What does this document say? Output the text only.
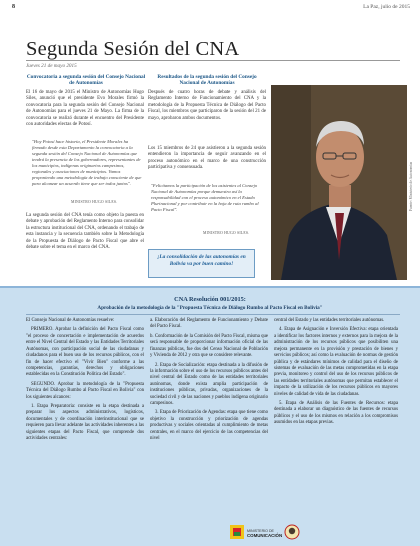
8	La Paz, julio de 2015
Segunda Sesión del CNA
Jueves 21 de mayo 2015
Convocatoria a segunda sesión del Consejo Nacional de Autonomías
El 16 de mayo de 2015 el Ministro de Autonomías Hugo Siles, anunció que el presidente Evo Morales firmó la convocatoria para la segunda sesión del Consejo Nacional de Autonomías para el jueves 21 de Mayo. La firma de la convocatoria se realizó durante el encuentro del Presidente con autoridades electas de Potosí.
"Hoy Potosí hace historia, el Presidente Morales ha firmado desde esta Departamento la convocatoria a la segunda sesión del Consejo Nacional de Autonomías que tendrá la presencia de los gobernadores, representantes de los municipios, indígenas originarios campesinos, regionales y asociaciones de municipios. Vamos proponiendo una metodología de trabajo consciente de que para alcanzar un acuerdo tiene que ser todos juntos".
MINISTRO HUGO SILES.
La segunda sesión del CNA tenía como objeto la puesta en debate y aprobación del Reglamento Interno para consolidar la estructura institucional del CNA, ordenando el trabajo de esta instancia y la secuencia también sobre la Metodología de la Propuesta de Diálogo de Pacto Fiscal que abre el debate sobre el tema en el marco del CNA.
Resultados de la segunda sesión del Consejo Nacional de Autonomías
Después de cuatro horas de debate y análisis del Reglamento Interno de Funcionamiento del CNA y la metodología de la Propuesta Técnica de Diálogo del Pacto Fiscal, los miembros que participaron de la sesión del 21 de mayo, aprobaron ambos documentos.
Los 15 miembros de 24 que asistieron a la segunda sesión entendieron la importancia de seguir avanzando en el proceso autonómico en el marco de una construcción participativa y consensuada.
"Felicitamos la participación de los asistentes al Consejo Nacional de Autonomías porque demuestra así la responsabilidad con el proceso autonómico en el Estado Plurinacional y por contribuir en la hoja de ruta rumbo al Pacto Fiscal".
MINISTRO HUGO SILES.
¡La consolidación de las autonomías en Bolivia va por buen camino!
Fuente: Ministerio de Autonomías
CNA Resolución 001/2015:
Aprobación de la metodología de la "Propuesta Técnica de Diálogo Rumbo al Pacto Fiscal en Bolivia"

El Consejo Nacional de Autonomías resuelve:

PRIMERO. Aprobar la definición del Pacto Fiscal como "el proceso de concertación e implementación de acuerdos entre el Nivel Central del Estado y las Entidades Territoriales Autónomas, con participación social de las ciudadanas y ciudadanos para el buen uso de los recursos públicos, con el fin de hacer efectivo el "Vivir Bien" conforme a las competencias, garantías, derechos y obligaciones establecidas en la Constitución Política del Estado".

SEGUNDO. Aprobar la metodología de la "Propuesta Técnica del Diálogo Rumbo al Pacto Fiscal en Bolivia" con los siguientes alcances:

1. Etapa Preparatoria: consiste en la etapa destinada a preparar los aspectos administrativos, logísticos, documentales y de coordinación interinstitucional que se requieren para llevar adelante las actividades inherentes a las siguientes etapas del Pacto Fiscal, que comprende dos actividades centrales:

a. Elaboración del Reglamento de Funcionamiento y Debate del Pacto Fiscal.

b. Conformación de la Comisión del Pacto Fiscal, misma que será responsable de proporcionar información oficial de las finanzas públicas, fue dos del Censo Nacional de Población y Vivienda de 2012 y otra que se considere relevante.

2. Etapa de Socialización: etapa destinada a la difusión de la información sobre el uso de los recursos públicos antes del nivel central del Estado como de las entidades territoriales autónomas, donde exista amplia participación de instituciones públicas, privadas, organizaciones de la sociedad civil y de las naciones y pueblos indígena originario campesinos.

3. Etapa de Priorización de Agendas: etapa que tiene como objetivo la construcción y priorización de agendas productivas y sociales orientadas al cumplimiento de metas centrales, en el marco del ejercicio de las competencias del nivel

central del Estado y las entidades territoriales autónomas.

4. Etapa de Asignación e Inversión Efectiva: etapa orientada a identificar los factores internos y externos para la mejora de la administración de los recursos públicos que posibiliten una mejora permanente en la provisión y prestación de bienes y servicios públicos; así como la evaluación de normas de gestión pública y de estándares mínimos de calidad para el diseño de sistemas de evaluación de las metas comprometidas en la etapa previa, monitoreo y control del uso de los recursos públicos de las entidades territoriales autónomas que permitan establecer el impacto de la utilización de los recursos públicos en mayores niveles de calidad de vida de las ciudadanas.

5. Etapa de Análisis de las Fuentes de Recursos: etapa destinada a elaborar un diagnóstico de las fuentes de recursos públicos y el uso de los mismos en relación a los compromisos asumidos en las etapas previas.

MINISTERIO DE
COMUNICACIÓN
